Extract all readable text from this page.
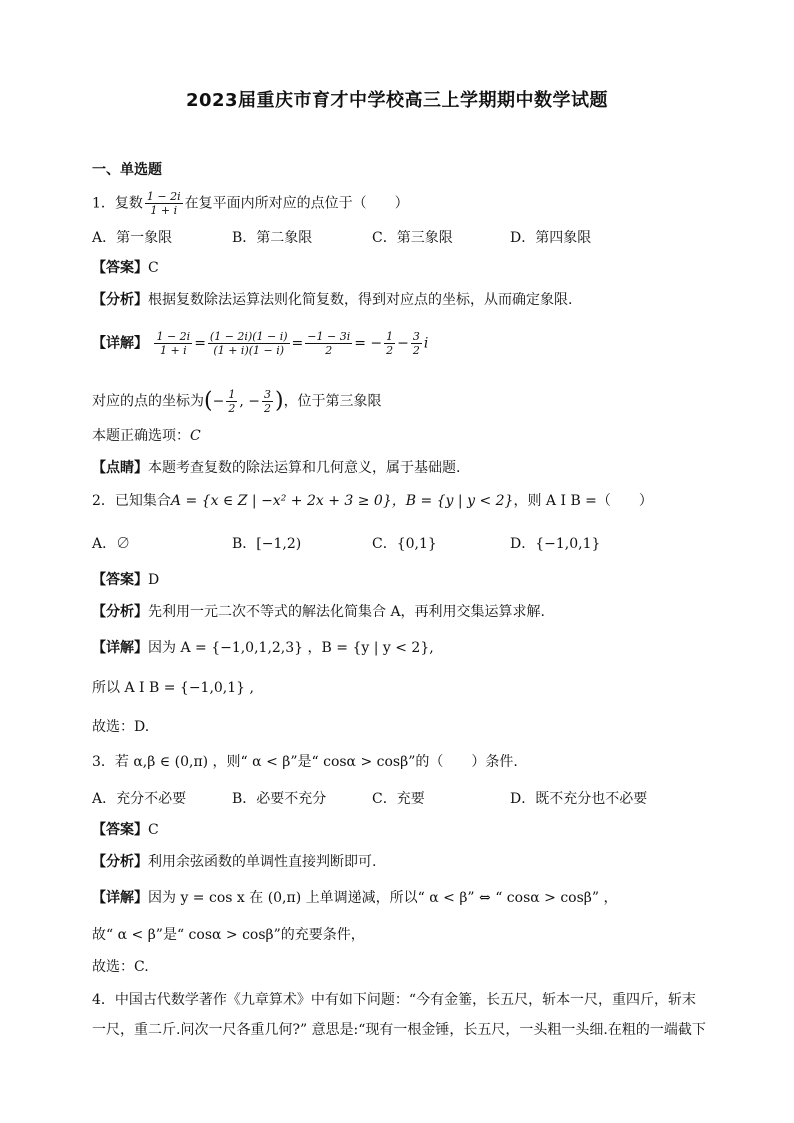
2023届重庆市育才中学校高三上学期期中数学试题
一、单选题
1．复数 $\frac{1 - 2i}{1 + i}$ 在复平面内所对应的点位于（　　）
A．第一象限	B．第二象限	C．第三象限	D．第四象限
【答案】C
【分析】根据复数除法运算法则化简复数，得到对应点的坐标，从而确定象限.
【详解】 $\frac{1 - 2i}{1 + i} = \frac{(1 - 2i)(1 - i)}{(1 + i)(1 - i)} = \frac{-1 - 3i}{2}$ = − $\frac{1}{2} - \frac{3}{2}$ i
对应的点的坐标为(− $\frac{1}{2}$ , − $\frac{3}{2}$ )，位于第三象限
本题正确选项：C
【点睛】本题考查复数的除法运算和几何意义，属于基础题.
2．已知集合A = {x ∈ Z | −x² + 2x + 3 ≥ 0}，B = {y | y < 2}，则 A I B =（　　）
A．∅	B．[−1,2)	C．{0,1}	D．{−1,0,1}
【答案】D
【分析】先利用一元二次不等式的解法化简集合 A，再利用交集运算求解.
【详解】因为 A = {−1,0,1,2,3} ，B = {y | y < 2},
所以 A I B = {−1,0,1} ,
故选：D.
3．若 α,β ∈ (0,π) ，则“ α < β”是“ cosα > cosβ”的（　　）条件.
A．充分不必要	B．必要不充分	C．充要	D．既不充分也不必要
【答案】C
【分析】利用余弦函数的单调性直接判断即可.
【详解】因为 y = cos x 在 (0,π) 上单调递减，所以“ α < β” ⇔ “ cosα > cosβ” ，
故“ α < β”是“ cosα > cosβ”的充要条件，
故选：C.
4．中国古代数学著作《九章算术》中有如下问题：“今有金箠，长五尺，斩本一尺，重四斤，斩末
一尺，重二斤.问次一尺各重几何?” 意思是:“现有一根金锤，长五尺，一头粗一头细.在粗的一端截下
